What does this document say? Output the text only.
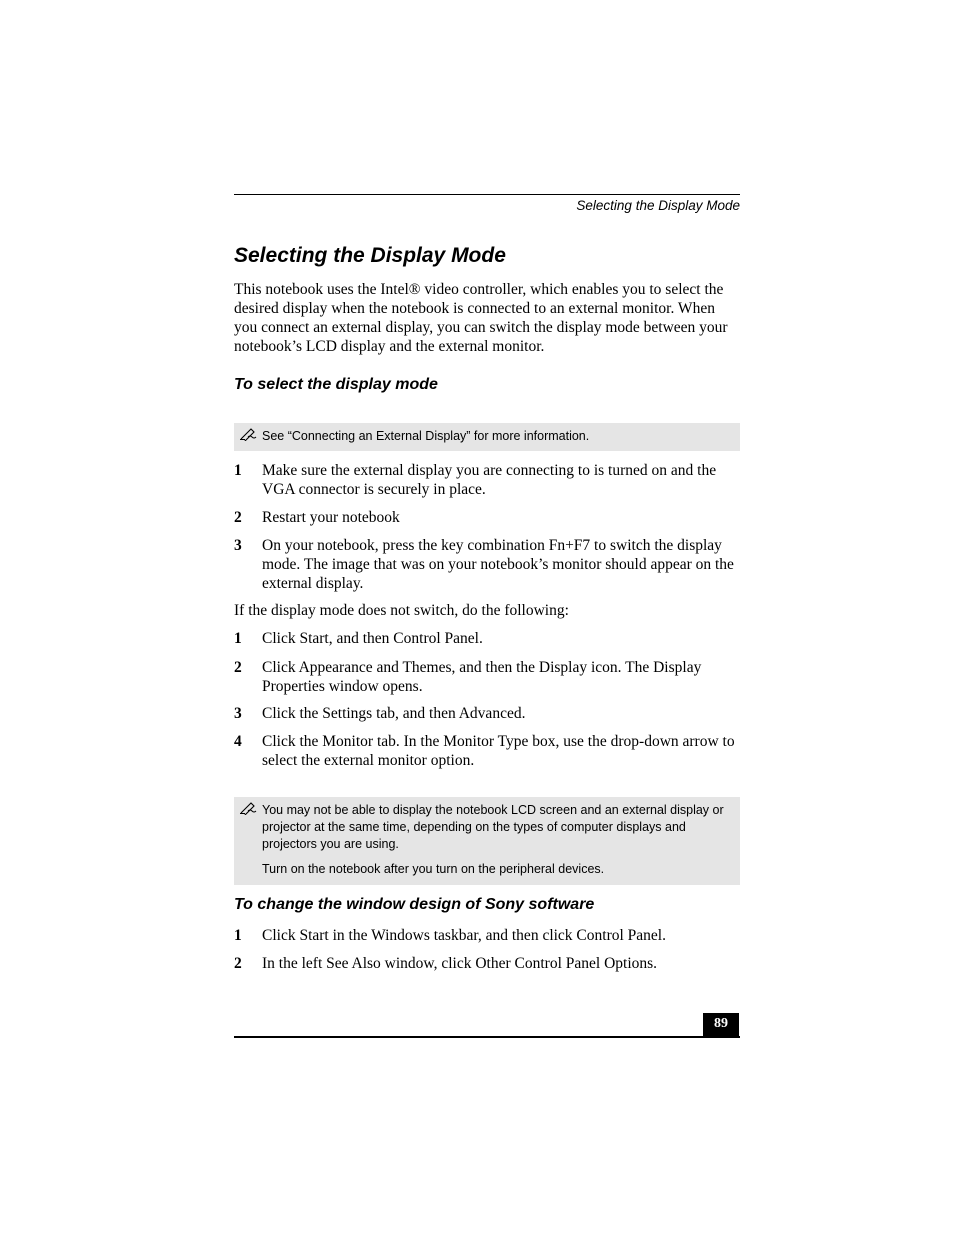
Selecting the Display Mode
Selecting the Display Mode

This notebook uses the Intel® video controller, which enables you to select the desired display when the notebook is connected to an external monitor. When you connect an external display, you can switch the display mode between your notebook’s LCD display and the external monitor.

To select the display mode

See “Connecting an External Display” for more information.

1 Make sure the external display you are connecting to is turned on and the VGA connector is securely in place.
2 Restart your notebook
3 On your notebook, press the key combination Fn+F7 to switch the display mode. The image that was on your notebook’s monitor should appear on the external display.

If the display mode does not switch, do the following:

1 Click Start, and then Control Panel.
2 Click Appearance and Themes, and then the Display icon. The Display Properties window opens.
3 Click the Settings tab, and then Advanced.
4 Click the Monitor tab. In the Monitor Type box, use the drop-down arrow to select the external monitor option.

You may not be able to display the notebook LCD screen and an external display or projector at the same time, depending on the types of computer displays and projectors you are using.

Turn on the notebook after you turn on the peripheral devices.

To change the window design of Sony software
1 Click Start in the Windows taskbar, and then click Control Panel.
2 In the left See Also window, click Other Control Panel Options.
89
